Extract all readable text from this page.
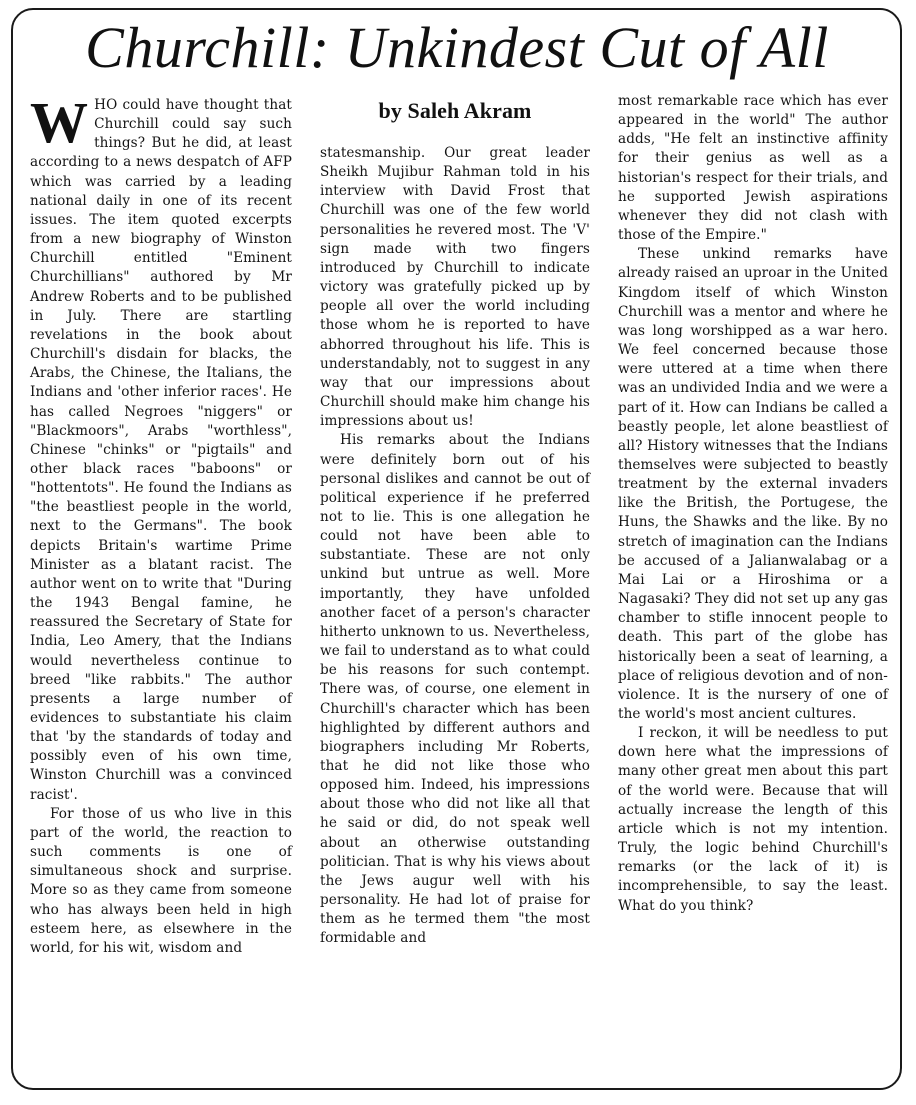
Churchill: Unkindest Cut of All
W HO could have thought that Churchill could say such things? But he did, at least according to a news despatch of AFP which was carried by a leading national daily in one of its recent issues. The item quoted excerpts from a new biography of Winston Churchill entitled "Eminent Churchillians" authored by Mr Andrew Roberts and to be published in July. There are startling revelations in the book about Churchill's disdain for blacks, the Arabs, the Chinese, the Italians, the Indians and 'other inferior races'. He has called Negroes "niggers" or "Blackmoors", Arabs "worthless", Chinese "chinks" or "pigtails" and other black races "baboons" or "hottentots". He found the Indians as "the beastliest people in the world, next to the Germans". The book depicts Britain's wartime Prime Minister as a blatant racist. The author went on to write that "During the 1943 Bengal famine, he reassured the Secretary of State for India, Leo Amery, that the Indians would nevertheless continue to breed "like rabbits." The author presents a large number of evidences to substantiate his claim that 'by the standards of today and possibly even of his own time, Winston Churchill was a convinced racist'.

For those of us who live in this part of the world, the reaction to such comments is one of simultaneous shock and surprise. More so as they came from someone who has always been held in high esteem here, as elsewhere in the world, for his wit, wisdom and

by Saleh Akram

statesmanship. Our great leader Sheikh Mujibur Rahman told in his interview with David Frost that Churchill was one of the few world personalities he revered most. The 'V' sign made with two fingers introduced by Churchill to indicate victory was gratefully picked up by people all over the world including those whom he is reported to have abhorred throughout his life. This is understandably, not to suggest in any way that our impressions about Churchill should make him change his impressions about us!

His remarks about the Indians were definitely born out of his personal dislikes and cannot be out of political experience if he preferred not to lie. This is one allegation he could not have been able to substantiate. These are not only unkind but untrue as well. More importantly, they have unfolded another facet of a person's character hitherto unknown to us. Nevertheless, we fail to understand as to what could be his reasons for such contempt. There was, of course, one element in Churchill's character which has been highlighted by different authors and biographers including Mr Roberts, that he did not like those who opposed him. Indeed, his impressions about those who did not like all that he said or did, do not speak well about an otherwise outstanding politician. That is why his views about the Jews augur well with his personality. He had lot of praise for them as he termed them "the most formidable and

most remarkable race which has ever appeared in the world" The author adds, "He felt an instinctive affinity for their genius as well as a historian's respect for their trials, and he supported Jewish aspirations whenever they did not clash with those of the Empire."

These unkind remarks have already raised an uproar in the United Kingdom itself of which Winston Churchill was a mentor and where he was long worshipped as a war hero. We feel concerned because those were uttered at a time when there was an undivided India and we were a part of it. How can Indians be called a beastly people, let alone beastliest of all? History witnesses that the Indians themselves were subjected to beastly treatment by the external invaders like the British, the Portugese, the Huns, the Shawks and the like. By no stretch of imagination can the Indians be accused of a Jalianwalabag or a Mai Lai or a Hiroshima or a Nagasaki? They did not set up any gas chamber to stifle innocent people to death. This part of the globe has historically been a seat of learning, a place of religious devotion and of non-violence. It is the nursery of one of the world's most ancient cultures.

I reckon, it will be needless to put down here what the impressions of many other great men about this part of the world were. Because that will actually increase the length of this article which is not my intention. Truly, the logic behind Churchill's remarks (or the lack of it) is incomprehensible, to say the least. What do you think?
